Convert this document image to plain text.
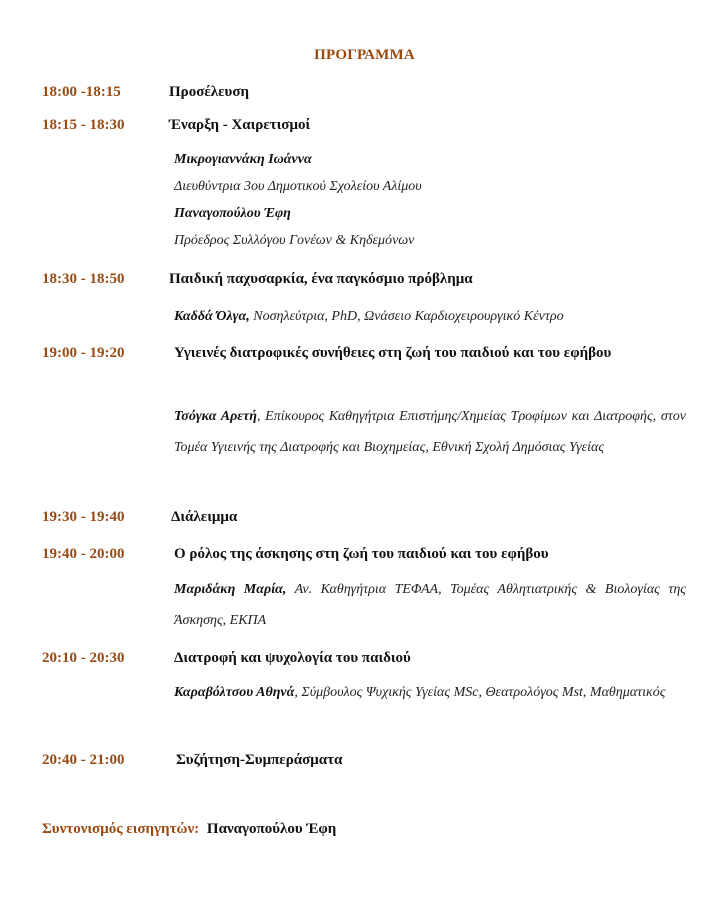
ΠΡΟΓΡΑΜΜΑ
18:00 -18:15	Προσέλευση
18:15 - 18:30	Έναρξη - Χαιρετισμοί
Μικρογιαννάκη Ιωάννα
Διευθύντρια 3ου Δημοτικού Σχολείου Αλίμου
Παναγοπούλου Έφη
Πρόεδρος Συλλόγου Γονέων & Κηδεμόνων
18:30 - 18:50	Παιδική παχυσαρκία, ένα παγκόσμιο πρόβλημα
Καδδά Όλγα, Νοσηλεύτρια, PhD, Ωνάσειο Καρδιοχειρουργικό Κέντρο
19:00 - 19:20	Υγιεινές διατροφικές συνήθειες στη ζωή του παιδιού και του εφήβου
Τσόγκα Αρετή, Επίκουρος Καθηγήτρια Επιστήμης/Χημείας Τροφίμων και Διατροφής, στον Τομέα Υγιεινής της Διατροφής και Βιοχημείας, Εθνική Σχολή Δημόσιας Υγείας
19:30 - 19:40	Διάλειμμα
19:40 - 20:00	Ο ρόλος της άσκησης στη ζωή του παιδιού και του εφήβου
Μαριδάκη Μαρία, Αν. Καθηγήτρια ΤΕΦΑΑ, Τομέας Αθλητιατρικής & Βιολογίας της Άσκησης, ΕΚΠΑ
20:10 - 20:30	Διατροφή και ψυχολογία του παιδιού
Καραβόλτσου Αθηνά, Σύμβουλος Ψυχικής Υγείας MSc, Θεατρολόγος Mst, Μαθηματικός
20:40 - 21:00	Συζήτηση-Συμπεράσματα
Συντονισμός εισηγητών: Παναγοπούλου Έφη
